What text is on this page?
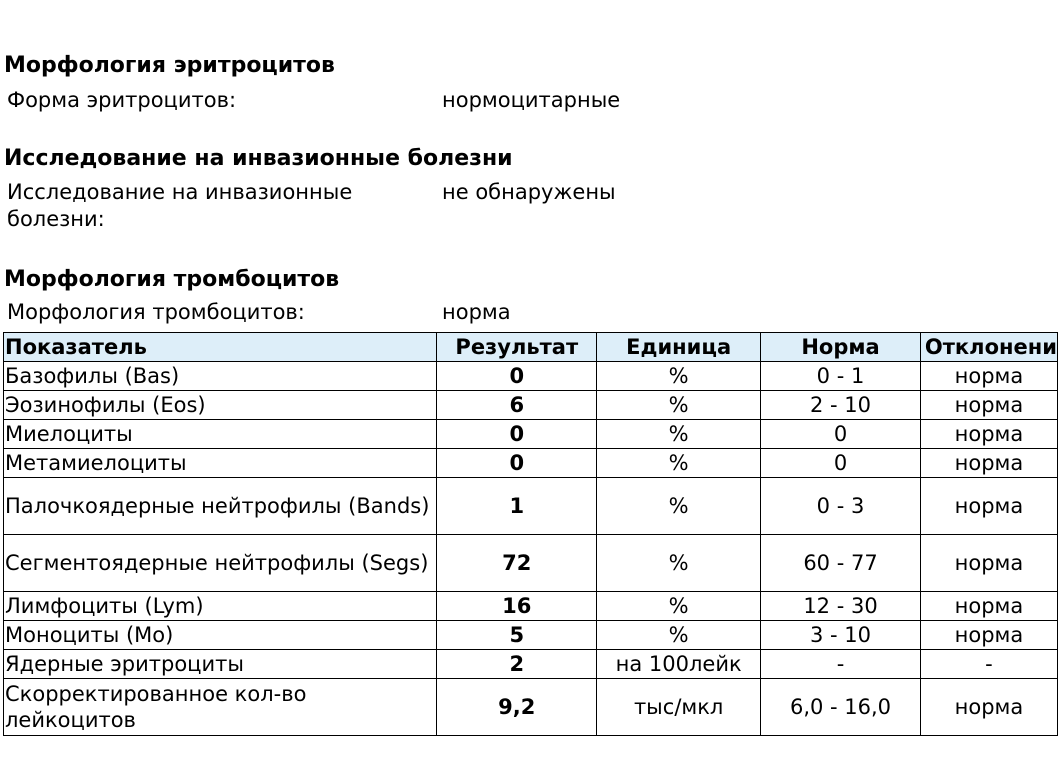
Морфология эритроцитов
Форма эритроцитов:	нормоцитарные
Исследование на инвазионные болезни
Исследование на инвазионные болезни:
не обнаружены
Морфология тромбоцитов
Морфология тромбоцитов:	норма
Показатель	Результат	Единица	Норма	Отклонени
Базофилы (Bas)	0	%	0 - 1	норма
Эозинофилы (Eos)	6	%	2 - 10	норма
Миелоциты	0	%	0	норма
Метамиелоциты	0	%	0	норма
Палочкоядерные нейтрофилы (Bands)	1	%	0 - 3	норма
Сегментоядерные нейтрофилы (Segs)	72	%	60 - 77	норма
Лимфоциты (Lym)	16	%	12 - 30	норма
Моноциты (Mo)	5	%	3 - 10	норма
Ядерные эритроциты	2	на 100лейк	-	-
Скорректированное кол-во лейкоцитов	9,2	тыс/мкл	6,0 - 16,0	норма
